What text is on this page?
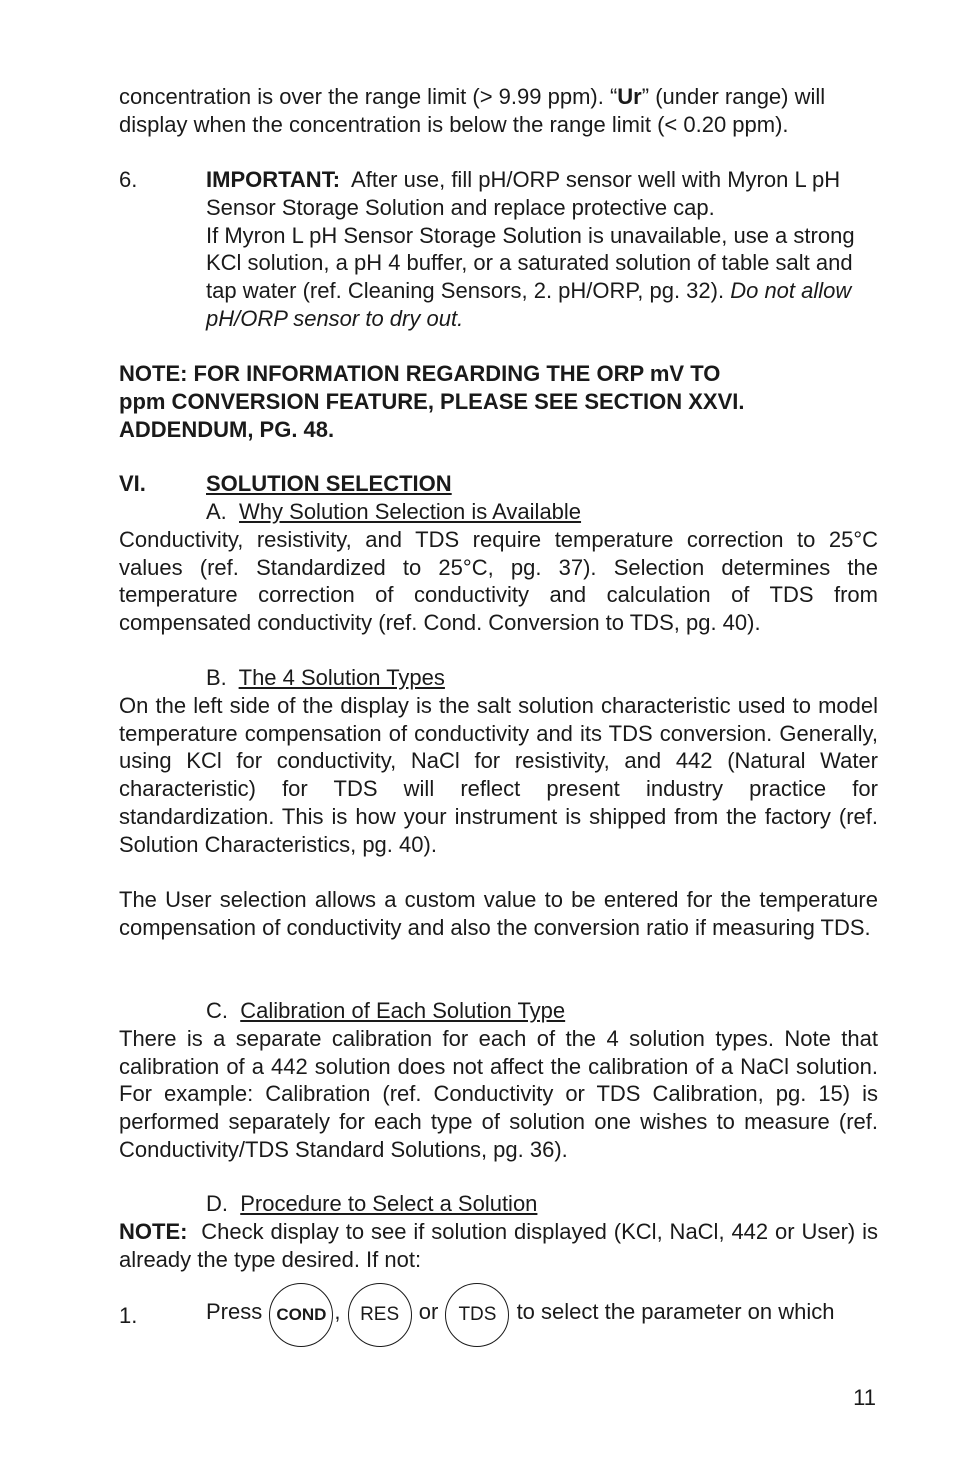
concentration is over the range limit (> 9.99 ppm). “Ur” (under range) will display when the concentration is below the range limit (< 0.20 ppm).
6.	IMPORTANT: After use, fill pH/ORP sensor well with Myron L pH Sensor Storage Solution and replace protective cap.
If Myron L pH Sensor Storage Solution is unavailable, use a strong KCl solution, a pH 4 buffer, or a saturated solution of table salt and tap water (ref. Cleaning Sensors, 2. pH/ORP, pg. 32). Do not allow pH/ORP sensor to dry out.
NOTE: FOR INFORMATION REGARDING THE ORP mV TO
ppm CONVERSION FEATURE, PLEASE SEE SECTION XXVI.
ADDENDUM, PG. 48.
VI.	SOLUTION SELECTION
A. Why Solution Selection is Available
Conductivity, resistivity, and TDS require temperature correction to 25°C values (ref. Standardized to 25°C, pg. 37). Selection determines the temperature correction of conductivity and calculation of TDS from compensated conductivity (ref. Cond. Conversion to TDS, pg. 40).
B. The 4 Solution Types
On the left side of the display is the salt solution characteristic used to model temperature compensation of conductivity and its TDS conversion. Generally, using KCl for conductivity, NaCl for resistivity, and 442 (Natural Water characteristic) for TDS will reflect present industry practice for standardization. This is how your instrument is shipped from the factory (ref. Solution Characteristics, pg. 40).
The User selection allows a custom value to be entered for the temperature compensation of conductivity and also the conversion ratio if measuring TDS.
C. Calibration of Each Solution Type
There is a separate calibration for each of the 4 solution types. Note that calibration of a 442 solution does not affect the calibration of a NaCl solution. For example: Calibration (ref. Conductivity or TDS Calibration, pg. 15) is performed separately for each type of solution one wishes to measure (ref. Conductivity/TDS Standard Solutions, pg. 36).
D. Procedure to Select a Solution
NOTE: Check display to see if solution displayed (KCl, NaCl, 442 or User) is already the type desired. If not:
1.	Press COND , RES or TDS to select the parameter on which
11
